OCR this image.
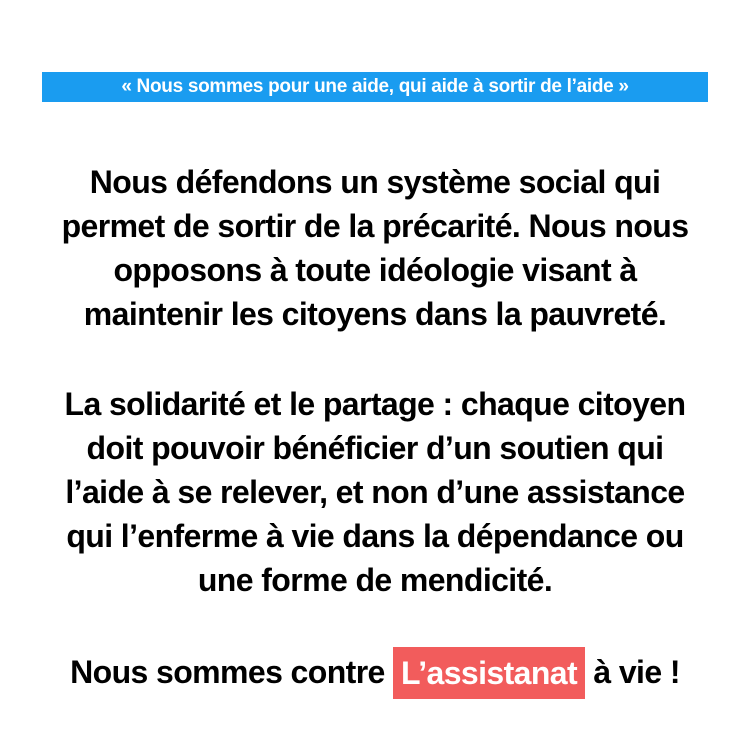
« Nous sommes pour une aide, qui aide à sortir de l’aide »
Nous défendons un système social qui
permet de sortir de la précarité. Nous nous
opposons à toute idéologie visant à
maintenir les citoyens dans la pauvreté.
La solidarité et le partage : chaque citoyen
doit pouvoir bénéficier d’un soutien qui
l’aide à se relever, et non d’une assistance
qui l’enferme à vie dans la dépendance ou
une forme de mendicité.
Nous sommes contre L’assistanat à vie !
